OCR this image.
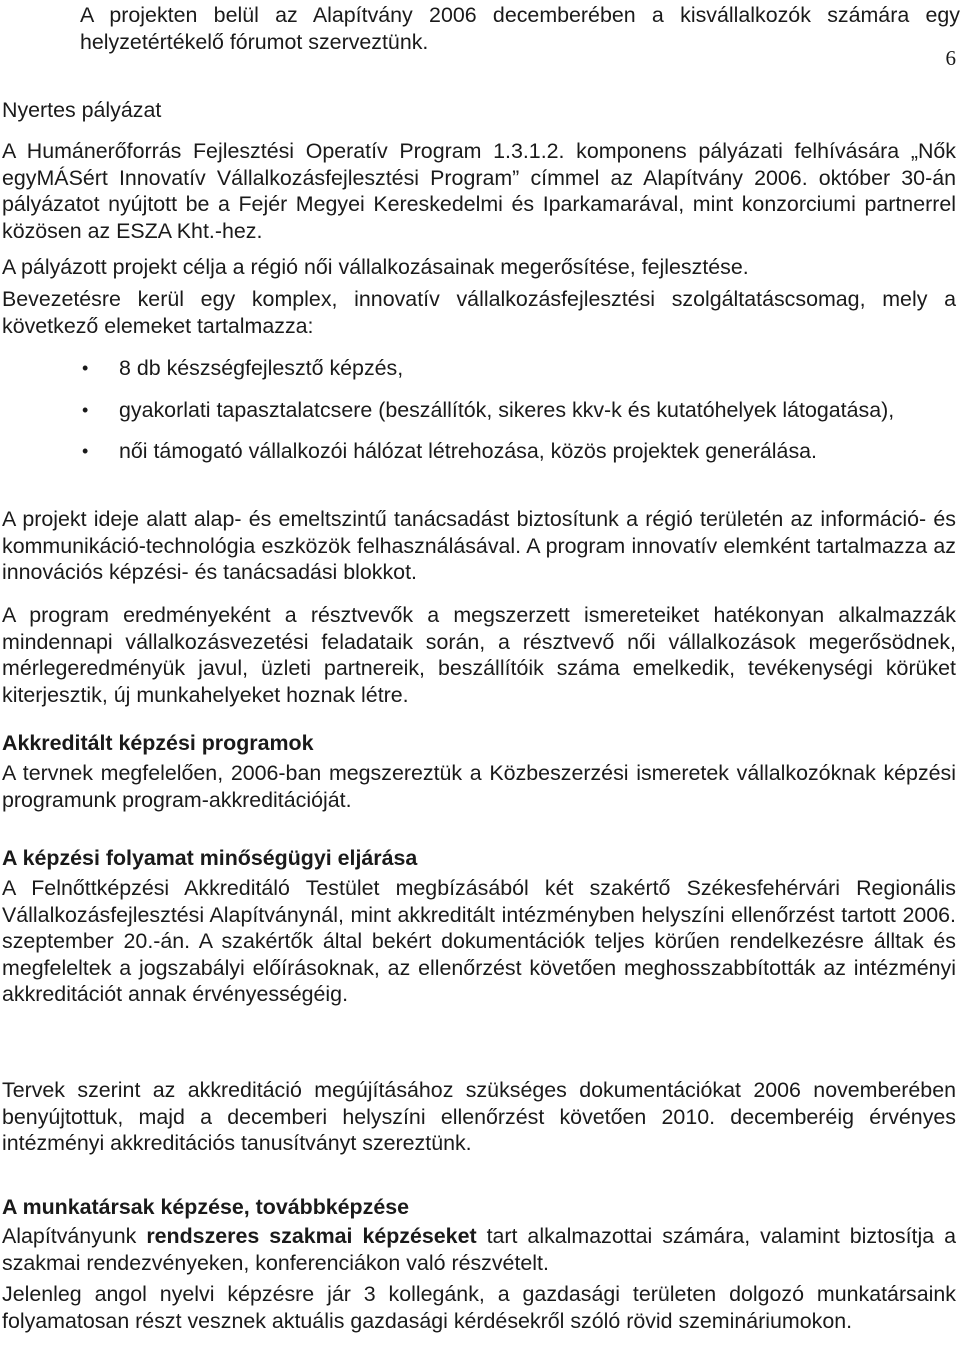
6

A projekten belül az Alapítvány 2006 decemberében a kisvállalkozók számára egy helyzetértékelő fórumot szerveztünk.

Nyertes pályázat

A Humánerőforrás Fejlesztési Operatív Program 1.3.1.2. komponens pályázati felhívására „Nők egyMÁSért Innovatív Vállalkozásfejlesztési Program” címmel az Alapítvány 2006. október 30-án pályázatot nyújtott be a Fejér Megyei Kereskedelmi és Iparkamarával, mint konzorciumi partnerrel közösen az ESZA Kht.-hez.

A pályázott projekt célja a régió női vállalkozásainak megerősítése, fejlesztése.

Bevezetésre kerül egy komplex, innovatív vállalkozásfejlesztési szolgáltatáscsomag, mely a következő elemeket tartalmazza:

• 8 db készségfejlesztő képzés,
• gyakorlati tapasztalatcsere (beszállítók, sikeres kkv-k és kutatóhelyek látogatása),
• női támogató vállalkozói hálózat létrehozása, közös projektek generálása.

A projekt ideje alatt alap- és emeltszintű tanácsadást biztosítunk a régió területén az információ- és kommunikáció-technológia eszközök felhasználásával. A program innovatív elemként tartalmazza az innovációs képzési- és tanácsadási blokkot.

A program eredményeként a résztvevők a megszerzett ismereteiket hatékonyan alkalmazzák mindennapi vállalkozásvezetési feladataik során, a résztvevő női vállalkozások megerősödnek, mérlegeredményük javul, üzleti partnereik, beszállítóik száma emelkedik, tevékenységi körüket kiterjesztik, új munkahelyeket hoznak létre.

Akkreditált képzési programok

A tervnek megfelelően, 2006-ban megszereztük a Közbeszerzési ismeretek vállalkozóknak képzési programunk program-akkreditációját.

A képzési folyamat minőségügyi eljárása

A Felnőttképzési Akkreditáló Testület megbízásából két szakértő Székesfehérvári Regionális Vállalkozásfejlesztési Alapítványnál, mint akkreditált intézményben helyszíni ellenőrzést tartott 2006. szeptember 20.-án. A szakértők által bekért dokumentációk teljes körűen rendelkezésre álltak és megfeleltek a jogszabályi előírásoknak, az ellenőrzést követően meghosszabbították az intézményi akkreditációt annak érvényességéig.

Tervek szerint az akkreditáció megújításához szükséges dokumentációkat 2006 novemberében benyújtottuk, majd a decemberi helyszíni ellenőrzést követően 2010. decemberéig érvényes intézményi akkreditációs tanusítványt szereztünk.

A munkatársak képzése, továbbképzése

Alapítványunk rendszeres szakmai képzéseket tart alkalmazottai számára, valamint biztosítja a szakmai rendezvényeken, konferenciákon való részvételt.

Jelenleg angol nyelvi képzésre jár 3 kollegánk, a gazdasági területen dolgozó munkatársaink folyamatosan részt vesznek aktuális gazdasági kérdésekről szóló rövid szemináriumokon.
